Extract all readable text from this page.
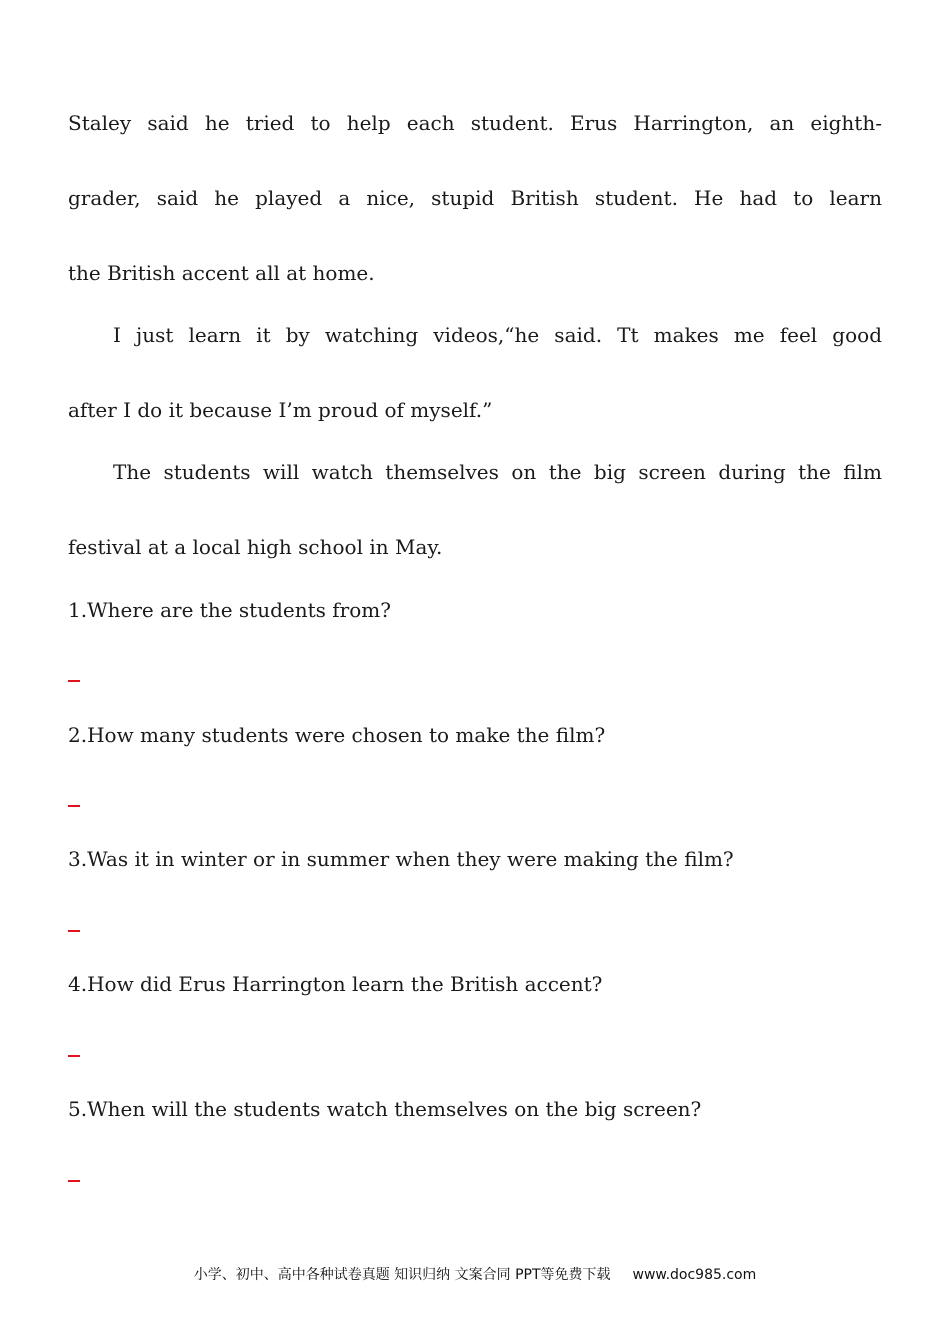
Staley said he tried to help each student. Erus Harrington, an eighth-
grader, said he played a nice, stupid British student. He had to learn
the British accent all at home.
I just learn it by watching videos,“he said. Tt makes me feel good
after I do it because I’m proud of myself.”
The students will watch themselves on the big screen during the film
festival at a local high school in May.
1.Where are the students from?
2.How many students were chosen to make the film?
3.Was it in winter or in summer when they were making the film?
4.How did Erus Harrington learn the British accent?
5.When will the students watch themselves on the big screen?
小学、初中、高中各种试卷真题 知识归纳 文案合同 PPT等免费下载 www.doc985.com
